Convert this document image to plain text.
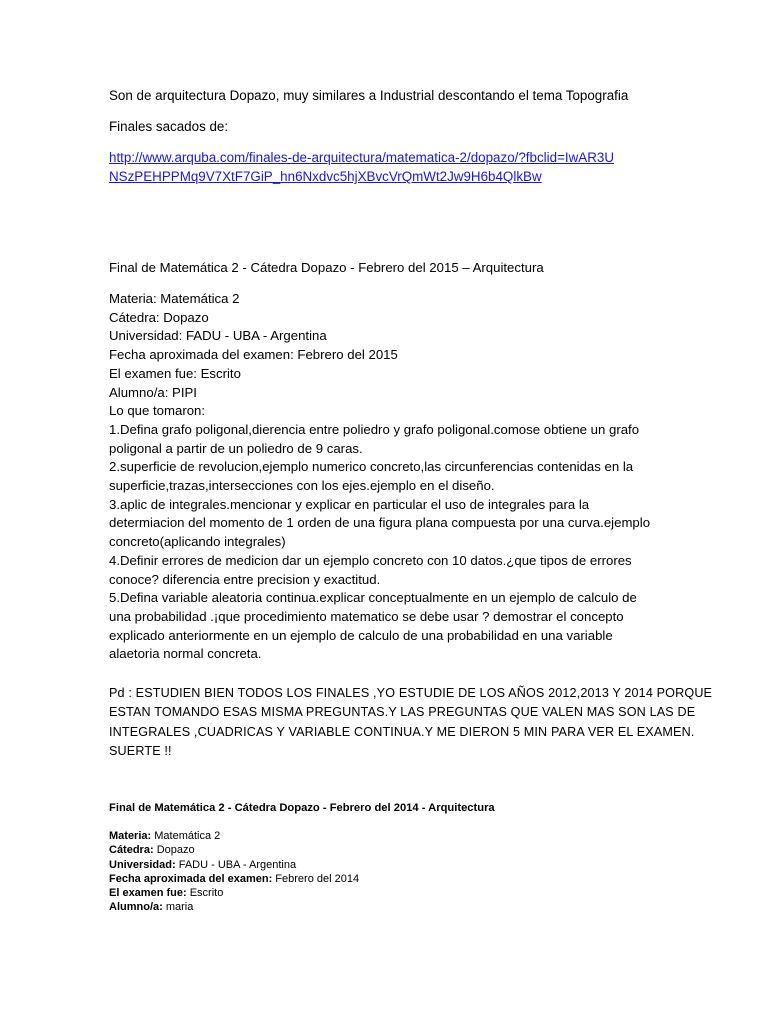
Son de arquitectura Dopazo, muy similares a Industrial descontando el tema Topografia
Finales sacados de:
http://www.arquba.com/finales-de-arquitectura/matematica-2/dopazo/?fbclid=IwAR3UNSzPEHPPMq9V7XtF7GiP_hn6Nxdvc5hjXBvcVrQmWt2Jw9H6b4QlkBw
Final de Matemática 2 - Cátedra Dopazo - Febrero del 2015 – Arquitectura
Materia: Matemática 2
Cátedra: Dopazo
Universidad: FADU - UBA - Argentina
Fecha aproximada del examen: Febrero del 2015
El examen fue: Escrito
Alumno/a: PIPI
Lo que tomaron:
1.Defina grafo poligonal,dierencia entre poliedro y grafo poligonal.comose obtiene un grafo
poligonal a partir de un poliedro de 9 caras.
2.superficie de revolucion,ejemplo numerico concreto,las circunferencias contenidas en la
superficie,trazas,intersecciones con los ejes.ejemplo en el diseño.
3.aplic de integrales.mencionar y explicar en particular el uso de integrales para la
determiacion del momento de 1 orden de una figura plana compuesta por una curva.ejemplo
concreto(aplicando integrales)
4.Definir errores de medicion dar un ejemplo concreto con 10 datos.¿que tipos de errores
conoce? diferencia entre precision y exactitud.
5.Defina variable aleatoria continua.explicar conceptualmente en un ejemplo de calculo de
una probabilidad .¡que procedimiento matematico se debe usar ? demostrar el concepto
explicado anteriormente en un ejemplo de calculo de una probabilidad en una variable
alaetoria normal concreta.
Pd : ESTUDIEN BIEN TODOS LOS FINALES ,YO ESTUDIE DE LOS AÑOS 2012,2013 Y 2014 PORQUE
ESTAN TOMANDO ESAS MISMA PREGUNTAS.Y LAS PREGUNTAS QUE VALEN MAS SON LAS DE
INTEGRALES ,CUADRICAS Y VARIABLE CONTINUA.Y ME DIERON 5 MIN PARA VER EL EXAMEN.
SUERTE !!
Final de Matemática 2 - Cátedra Dopazo - Febrero del 2014 - Arquitectura
Materia: Matemática 2
Cátedra: Dopazo
Universidad: FADU - UBA - Argentina
Fecha aproximada del examen: Febrero del 2014
El examen fue: Escrito
Alumno/a: maria
